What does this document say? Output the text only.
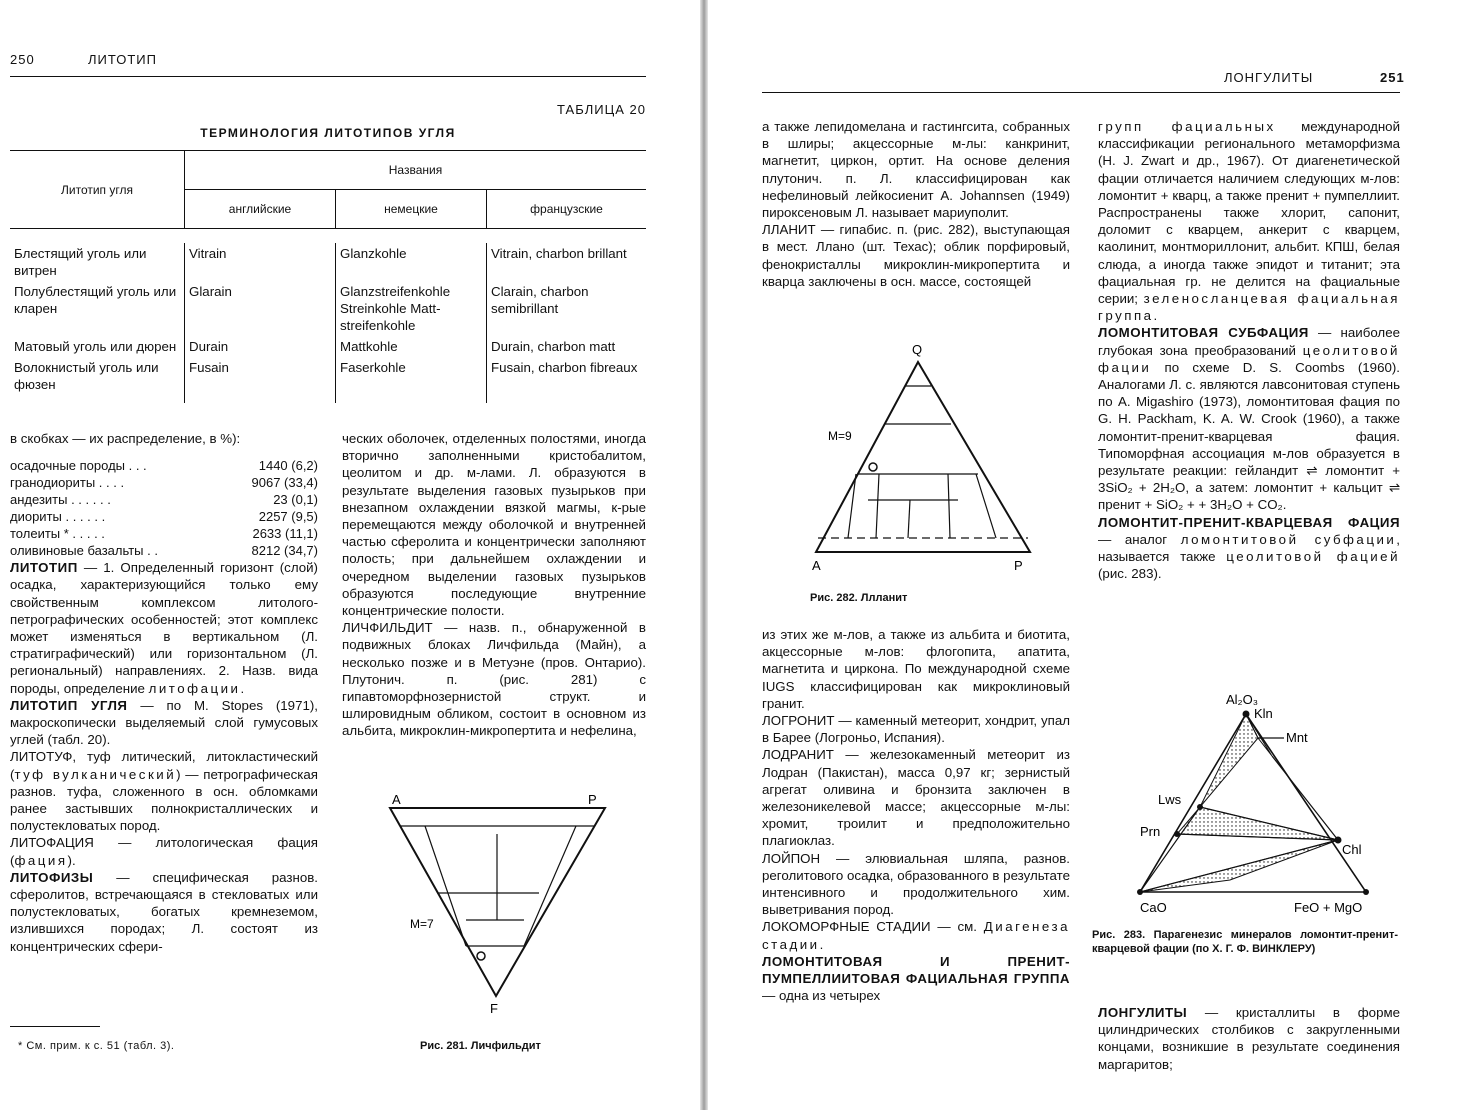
250	ЛИТОТИП
ТАБЛИЦА 20
ТЕРМИНОЛОГИЯ ЛИТОТИПОВ УГЛЯ
Литотип угля	Названия		
	английские	немецкие	французские

Блестящий уголь или витрен	Vitrain	Glanzkohle	Vitrain, charbon brillant
Полублестящий уголь или кларен	Glarain	Glanzstreifenkohle Streinkohle Matt-streifenkohle	Clarain, charbon semibrillant
Матовый уголь или дюрен	Durain	Mattkohle	Durain, charbon matt
Волокнистый уголь или фюзен	Fusain	Faserkohle	Fusain, charbon fibreaux

в скобках — их распределение, в %):

осадочные породы . . .	1440 (6,2)
гранодиориты . . . .	9067 (33,4)
андезиты . . . . . .	23 (0,1)
диориты . . . . . .	2257 (9,5)
толеиты * . . . . .	2633 (11,1)
оливиновые базальты . .	8212 (34,7)

ЛИТОТИП — 1. Определенный горизонт (слой) осадка, характеризующийся только ему свойственным комплексом литолого-петрографических особенностей; этот комплекс может изменяться в вертикальном (Л. стратиграфический) или горизонтальном (Л. региональный) направлениях. 2. Назв. вида породы, определение литофации.

ЛИТОТИП УГЛЯ — по M. Stopes (1971), макроскопически выделяемый слой гумусовых углей (табл. 20).

ЛИТОТУФ, туф литический, литокластический (туф вулканический) — петрографическая разнов. туфа, сложенного в осн. обломками ранее застывших полнокристаллических и полустекловатых пород.

ЛИТОФАЦИЯ — литологическая фация (фация).

ЛИТОФИЗЫ — специфическая разнов. сферолитов, встречающаяся в стекловатых или полустекловатых, богатых кремнеземом, излившихся породах; Л. состоят из концентрических сфери-

* См. прим. к с. 51 (табл. 3).

ческих оболочек, отделенных полостями, иногда вторично заполненными кристобалитом, цеолитом и др. м-лами. Л. образуются в результате выделения газовых пузырьков при внезапном охлаждении вязкой магмы, к-рые перемещаются между оболочкой и внутренней частью сферолита и концентрически заполняют полость; при дальнейшем охлаждении и очередном выделении газовых пузырьков образуются последующие внутренние концентрические полости.

ЛИЧФИЛЬДИТ — назв. п., обнаруженной в подвижных блоках Личфильда (Майн), а несколько позже и в Метуэне (пров. Онтарио). Плутонич. п. (рис. 281) с гипавтоморфнозернистой структ. и шлировидным обликом, состоит в основном из альбита, микроклин-микропертита и нефелина,

A	P
F
M=7
Рис. 281. Личфильдит
ЛОНГУЛИТЫ	251

а также лепидомелана и гастингсита, собранных в шлиры; акцессорные м-лы: канкринит, магнетит, циркон, ортит. На основе деления плутонич. п. Л. классифицирован как нефелиновый лейкосиенит A. Johannsen (1949) пироксеновым Л. называет мариуполит.

ЛЛАНИТ — гипабис. п. (рис. 282), выступающая в мест. Ллано (шт. Техас); облик порфировый, фенокристаллы микроклин-микропертита и кварца заключены в осн. массе, состоящей

Q
A	P
M=9
Рис. 282. Ллланит

из этих же м-лов, а также из альбита и биотита, акцессорные м-лов: флогопита, апатита, магнетита и циркона. По международной схеме IUGS классифицирован как микроклиновый гранит.

ЛОГРОНИТ — каменный метеорит, хондрит, упал в Барее (Логроньо, Испания).

ЛОДРАНИТ — железокаменный метеорит из Лодран (Пакистан), масса 0,97 кг; зернистый агрегат оливина и бронзита заключен в железоникелевой массе; акцессорные м-лы: хромит, троилит и предположительно плагиоклаз.

ЛОЙПОН — элювиальная шляпа, разнов. реголитового осадка, образованного в результате интенсивного и продолжительного хим. выветривания пород.

ЛОКОМОРФНЫЕ СТАДИИ — см. Диагенеза стадии.

ЛОМОНТИТОВАЯ И ПРЕНИТ-ПУМПЕЛЛИИТОВАЯ ФАЦИАЛЬНАЯ ГРУППА — одна из четырех

групп фациальных международной классификации регионального метаморфизма (H. J. Zwart и др., 1967). От диагенетической фации отличается наличием следующих м-лов: ломонтит + кварц, а также пренит + пумпеллиит. Распространены также хлорит, сапонит, доломит с кварцем, анкерит с кварцем, каолинит, монтмориллонит, альбит. КПШ, белая слюда, а иногда также эпидот и титанит; эта фациальная гр. не делится на фациальные серии; зеленосланцевая фациальная группа.

ЛОМОНТИТОВАЯ СУБФАЦИЯ — наиболее глубокая зона преобразований цеолитовой фации по схеме D. S. Coombs (1960). Аналогами Л. с. являются лавсонитовая ступень по A. Migashiro (1973), ломонтитовая фация по G. H. Packham, K. A. W. Crook (1960), а также ломонтит-пренит-кварцевая фация. Типоморфная ассоциация м-лов образуется в результате реакции: гейландит ⇌ ломонтит + 3SiO₂ + 2H₂O, а затем: ломонтит + кальцит ⇌ пренит + SiO₂ + + 3H₂O + CO₂.

ЛОМОНТИТ-ПРЕНИТ-КВАРЦЕВАЯ ФАЦИЯ — аналог ломонтитовой субфации, называется также цеолитовой фацией (рис. 283).

Al₂O₃
Kln
Mnt
Lws
Prn
Chl
CaO	FeO + MgO
Рис. 283. Парагенезис минералов ломонтит-пренит-кварцевой фации (по Х. Г. Ф. ВИНКЛЕРУ)

ЛОНГУЛИТЫ — кристаллиты в форме цилиндрических столбиков с закругленными концами, возникшие в результате соединения маргаритов;
